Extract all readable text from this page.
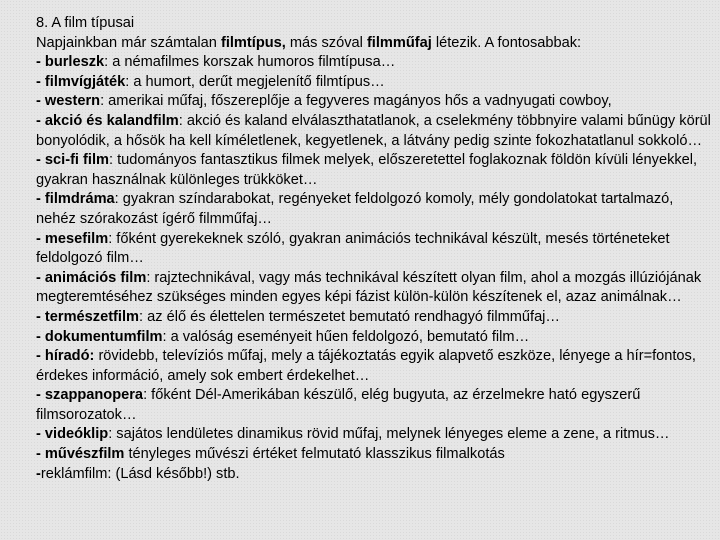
8. A film típusai

Napjainkban már számtalan filmtípus, más szóval filmműfaj létezik. A fontosabbak:

- burleszk: a némafilmes korszak humoros filmtípusa…

- filmvígjáték: a humort, derűt megjelenítő filmtípus…

- western: amerikai műfaj, főszereplője a fegyveres magányos hős a vadnyugati cowboy,

- akció és kalandfilm: akció és kaland elválaszthatatlanok, a cselekmény többnyire valami bűnügy körül bonyolódik, a hősök ha kell kíméletlenek, kegyetlenek, a látvány pedig szinte fokozhatatlanul sokkoló…

- sci-fi film: tudományos fantasztikus filmek melyek, előszeretettel foglakoznak földön kívüli lényekkel, gyakran használnak különleges trükköket…

- filmdráma: gyakran színdarabokat, regényeket feldolgozó komoly, mély gondolatokat tartalmazó, nehéz szórakozást ígérő filmműfaj…

- mesefilm: főként gyerekeknek szóló, gyakran animációs technikával készült, mesés történeteket feldolgozó film…

- animációs film: rajztechnikával, vagy más technikával készített olyan film, ahol a mozgás illúziójának megteremtéséhez szükséges minden egyes képi fázist külön-külön készítenek el, azaz animálnak…

- természetfilm: az élő és élettelen természetet bemutató rendhagyó filmműfaj…

- dokumentumfilm: a valóság eseményeit hűen feldolgozó, bemutató film…

- híradó: rövidebb, televíziós műfaj, mely a tájékoztatás egyik alapvető eszköze, lényege a hír=fontos, érdekes információ, amely sok embert érdekelhet…

- szappanopera: főként Dél-Amerikában készülő, elég bugyuta, az érzelmekre ható egyszerű filmsorozatok…

- videóklip: sajátos lendületes dinamikus rövid műfaj, melynek lényeges eleme a zene, a ritmus…

- művészfilm tényleges művészi értéket felmutató klasszikus filmalkotás

-reklámfilm: (Lásd később!) stb.
